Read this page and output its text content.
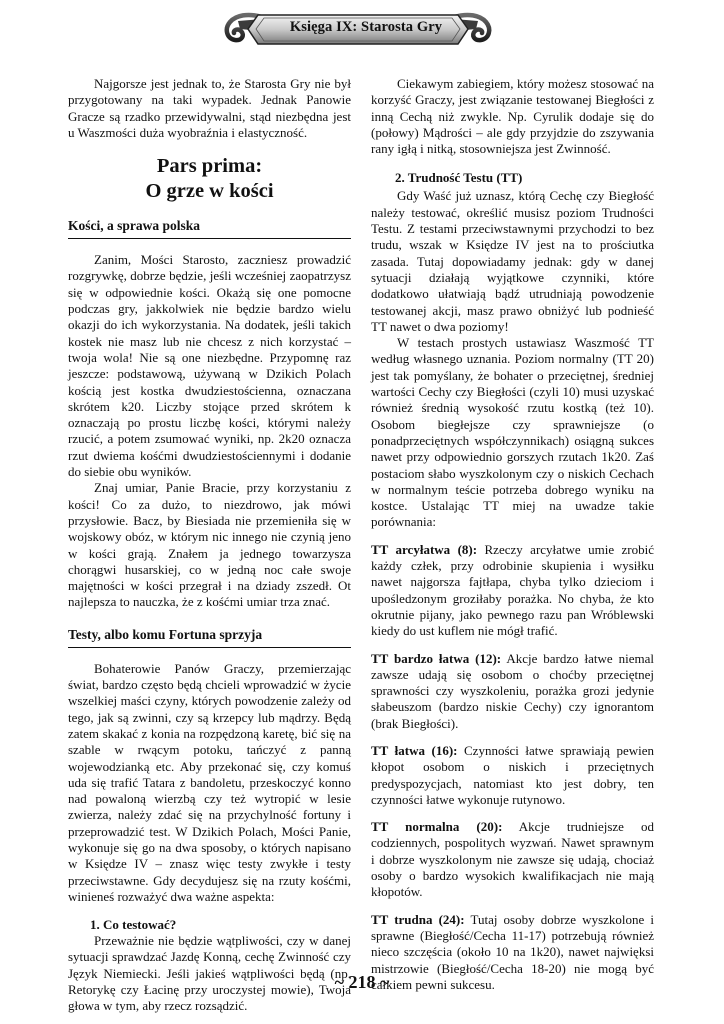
Księga IX: Starosta Gry

Najgorsze jest jednak to, że Starosta Gry nie był przygotowany na taki wypadek. Jednak Panowie Gracze są rzadko przewidywalni, stąd niezbędna jest u Waszmości duża wyobraźnia i elastyczność.

Pars prima:
O grze w kości
Kości, a sprawa polska

Zanim, Mości Starosto, zaczniesz prowadzić rozgrywkę, dobrze będzie, jeśli wcześniej zaopatrzysz się w odpowiednie kości. Okażą się one pomocne podczas gry, jakkolwiek nie będzie bardzo wielu okazji do ich wykorzystania. Na dodatek, jeśli takich kostek nie masz lub nie chcesz z nich korzystać – twoja wola! Nie są one niezbędne. Przypomnę raz jeszcze: podstawową, używaną w Dzikich Polach kością jest kostka dwudziestościenna, oznaczana skrótem k20. Liczby stojące przed skrótem k oznaczają po prostu liczbę kości, którymi należy rzucić, a potem zsumować wyniki, np. 2k20 oznacza rzut dwiema kośćmi dwudziestościennymi i dodanie do siebie obu wyników.

Znaj umiar, Panie Bracie, przy korzystaniu z kości! Co za dużo, to niezdrowo, jak mówi przysłowie. Bacz, by Biesiada nie przemieniła się w wojskowy obóz, w którym nic innego nie czynią jeno w kości grają. Znałem ja jednego towarzysza chorągwi husarskiej, co w jedną noc całe swoje majętności w kości przegrał i na dziady zszedł. Ot najlepsza to nauczka, że z kośćmi umiar trza znać.

Testy, albo komu Fortuna sprzyja

Bohaterowie Panów Graczy, przemierzając świat, bardzo często będą chcieli wprowadzić w życie wszelkiej maści czyny, których powodzenie zależy od tego, jak są zwinni, czy są krzepcy lub mądrzy. Będą zatem skakać z konia na rozpędzoną karetę, bić się na szable w rwącym potoku, tańczyć z panną wojewodzianką etc. Aby przekonać się, czy komuś uda się trafić Tatara z bandoletu, przeskoczyć konno nad powaloną wierzbą czy też wytropić w lesie zwierza, należy zdać się na przychylność fortuny i przeprowadzić test. W Dzikich Polach, Mości Panie, wykonuje się go na dwa sposoby, o których napisano w Księdze IV – znasz więc testy zwykłe i testy przeciwstawne. Gdy decydujesz się na rzuty kośćmi, winieneś rozważyć dwa ważne aspekta:

1. Co testować?

Przeważnie nie będzie wątpliwości, czy w danej sytuacji sprawdzać Jazdę Konną, cechę Zwinność czy Język Niemiecki. Jeśli jakieś wątpliwości będą (np. Retorykę czy Łacinę przy uroczystej mowie), Twoja głowa w tym, aby rzecz rozsądzić.

Ciekawym zabiegiem, który możesz stosować na korzyść Graczy, jest związanie testowanej Biegłości z inną Cechą niż zwykle. Np. Cyrulik dodaje się do (połowy) Mądrości – ale gdy przyjdzie do zszywania rany igłą i nitką, stosowniejsza jest Zwinność.

2. Trudność Testu (TT)

Gdy Waść już uznasz, którą Cechę czy Biegłość należy testować, określić musisz poziom Trudności Testu. Z testami przeciwstawnymi przychodzi to bez trudu, wszak w Księdze IV jest na to prościutka zasada. Tutaj dopowiadamy jednak: gdy w danej sytuacji działają wyjątkowe czynniki, które dodatkowo ułatwiają bądź utrudniają powodzenie testowanej akcji, masz prawo obniżyć lub podnieść TT nawet o dwa poziomy!

W testach prostych ustawiasz Waszmość TT według własnego uznania. Poziom normalny (TT 20) jest tak pomyślany, że bohater o przeciętnej, średniej wartości Cechy czy Biegłości (czyli 10) musi uzyskać również średnią wysokość rzutu kostką (też 10). Osobom biegłejsze czy sprawniejsze (o ponadprzeciętnych współczynnikach) osiągną sukces nawet przy odpowiednio gorszych rzutach 1k20. Zaś postaciom słabo wyszkolonym czy o niskich Cechach w normalnym teście potrzeba dobrego wyniku na kostce. Ustalając TT miej na uwadze takie porównania:

TT arcyłatwa (8): Rzeczy arcyłatwe umie zrobić każdy człek, przy odrobinie skupienia i wysiłku nawet najgorsza fajtłapa, chyba tylko dzieciom i upośledzonym groziłaby porażka. No chyba, że kto okrutnie pijany, jako pewnego razu pan Wróblewski kiedy do ust kuflem nie mógł trafić.

TT bardzo łatwa (12): Akcje bardzo łatwe niemal zawsze udają się osobom o choćby przeciętnej sprawności czy wyszkoleniu, porażka grozi jedynie słabeuszom (bardzo niskie Cechy) czy ignorantom (brak Biegłości).

TT łatwa (16): Czynności łatwe sprawiają pewien kłopot osobom o niskich i przeciętnych predyspozycjach, natomiast kto jest dobry, ten czynności łatwe wykonuje rutynowo.

TT normalna (20): Akcje trudniejsze od codziennych, pospolitych wyzwań. Nawet sprawnym i dobrze wyszkolonym nie zawsze się udają, chociaż osoby o bardzo wysokich kwalifikacjach nie mają kłopotów.

TT trudna (24): Tutaj osoby dobrze wyszkolone i sprawne (Biegłość/Cecha 11-17) potrzebują również nieco szczęścia (około 10 na 1k20), nawet najwięksi mistrzowie (Biegłość/Cecha 18-20) nie mogą być całkiem pewni sukcesu.

~ 218 ~
